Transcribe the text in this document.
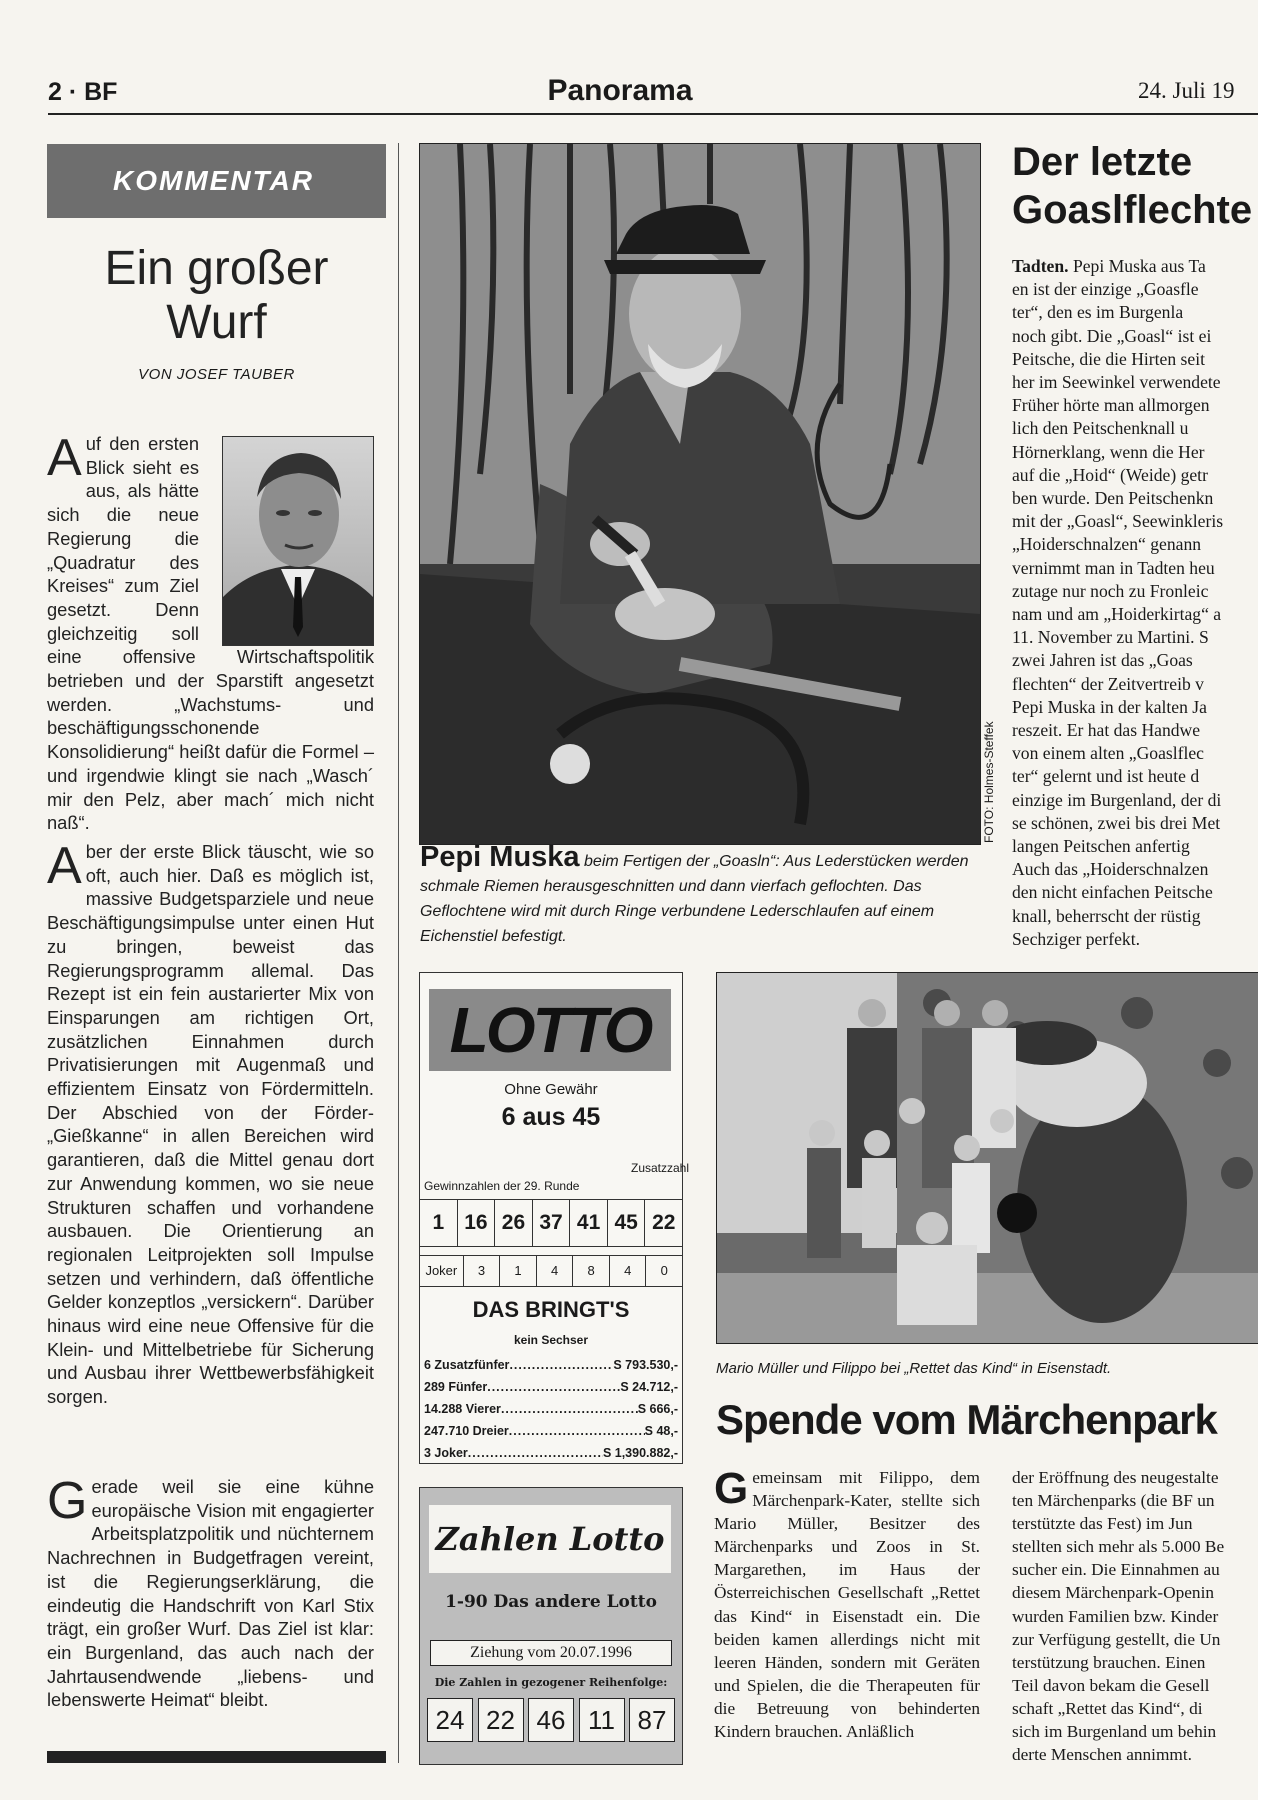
2 · BF	Panorama	24. Juli 19
KOMMENTAR
Ein großer Wurf
VON JOSEF TAUBER

Auf den ersten Blick sieht es aus, als hätte sich die neue Regierung die „Quadratur des Kreises“ zum Ziel gesetzt. Denn gleichzeitig soll eine offensive Wirtschaftspolitik betrieben und der Sparstift angesetzt werden. „Wachstums- und beschäftigungsschonende Konsolidierung“ heißt dafür die Formel – und irgendwie klingt sie nach „Wasch´ mir den Pelz, aber mach´ mich nicht naß“.

Aber der erste Blick täuscht, wie so oft, auch hier. Daß es möglich ist, massive Budgetsparziele und neue Beschäftigungsimpulse unter einen Hut zu bringen, beweist das Regierungsprogramm allemal. Das Rezept ist ein fein austarierter Mix von Einsparungen am richtigen Ort, zusätzlichen Einnahmen durch Privatisierungen mit Augenmaß und effizientem Einsatz von Fördermitteln. Der Abschied von der Förder-„Gießkanne“ in allen Bereichen wird garantieren, daß die Mittel genau dort zur Anwendung kommen, wo sie neue Strukturen schaffen und vorhandene ausbauen. Die Orientierung an regionalen Leitprojekten soll Impulse setzen und verhindern, daß öffentliche Gelder konzeptlos „versickern“. Darüber hinaus wird eine neue Offensive für die Klein- und Mittelbetriebe für Sicherung und Ausbau ihrer Wettbewerbsfähigkeit sorgen.

Gerade weil sie eine kühne europäische Vision mit engagierter Arbeitsplatzpolitik und nüchternem Nachrechnen in Budgetfragen vereint, ist die Regierungserklärung, die eindeutig die Handschrift von Karl Stix trägt, ein großer Wurf. Das Ziel ist klar: ein Burgenland, das auch nach der Jahrtausendwende „liebens- und lebenswerte Heimat“ bleibt.

FOTO: Holmes-Steffek
Pepi Muska beim Fertigen der „Goasln“: Aus Lederstücken werden schmale Riemen herausgeschnitten und dann vierfach geflochten. Das Geflochtene wird mit durch Ringe verbundene Lederschlaufen auf einem Eichenstiel befestigt.
Der letzte
Goaslflechte
Tadten. Pepi Muska aus Ta
en ist der einzige „Goasfle
ter“, den es im Burgenla
noch gibt. Die „Goasl“ ist ei
Peitsche, die die Hirten seit
her im Seewinkel verwendete
Früher hörte man allmorgen
lich den Peitschenknall u
Hörnerklang, wenn die Her
auf die „Hoid“ (Weide) getr
ben wurde. Den Peitschenkn
mit der „Goasl“, Seewinkleris
„Hoiderschnalzen“ genann
vernimmt man in Tadten heu
zutage nur noch zu Fronleic
nam und am „Hoiderkirtag“ a
11. November zu Martini. S
zwei Jahren ist das „Goas
flechten“ der Zeitvertreib v
Pepi Muska in der kalten Ja
reszeit. Er hat das Handwe
von einem alten „Goaslflec
ter“ gelernt und ist heute d
einzige im Burgenland, der di
se schönen, zwei bis drei Met
langen Peitschen anfertig
Auch das „Hoiderschnalzen
den nicht einfachen Peitsche
knall, beherrscht der rüstig
Sechziger perfekt.
LOTTO
Ohne Gewähr
6 aus 45
Zusatzzahl
Gewinnzahlen der 29. Runde
1 16 26 37 41 45 22
Joker	3	1	4	8	4	0
DAS BRINGT'S
kein Sechser
6 Zusatzfünfer .....	S 793.530,-
289 Fünfer .....	S 24.712,-
14.288 Vierer .....	S 666,-
247.710 Dreier .....	S 48,-
3 Joker .....	S 1,390.882,-
Zahlen Lotto
1-90 Das andere Lotto
Ziehung vom 20.07.1996
Die Zahlen in gezogener Reihenfolge:
24 22 46 11 87
Mario Müller und Filippo bei „Rettet das Kind“ in Eisenstadt.
Spende vom Märchenpark

Gemeinsam mit Filippo, dem Märchenpark-Kater, stellte sich Mario Müller, Besitzer des Märchenparks und Zoos in St. Margarethen, im Haus der Österreichischen Gesellschaft „Rettet das Kind“ in Eisenstadt ein. Die beiden kamen allerdings nicht mit leeren Händen, sondern mit Geräten und Spielen, die die Therapeuten für die Betreuung von behinderten Kindern brauchen. Anläßlich

der Eröffnung des neugestalte
ten Märchenparks (die BF un
terstützte das Fest) im Jun
stellten sich mehr als 5.000 Be
sucher ein. Die Einnahmen au
diesem Märchenpark-Openin
wurden Familien bzw. Kinder
zur Verfügung gestellt, die Un
terstützung brauchen. Einen
Teil davon bekam die Gesell
schaft „Rettet das Kind“, di
sich im Burgenland um behin
derte Menschen annimmt.
